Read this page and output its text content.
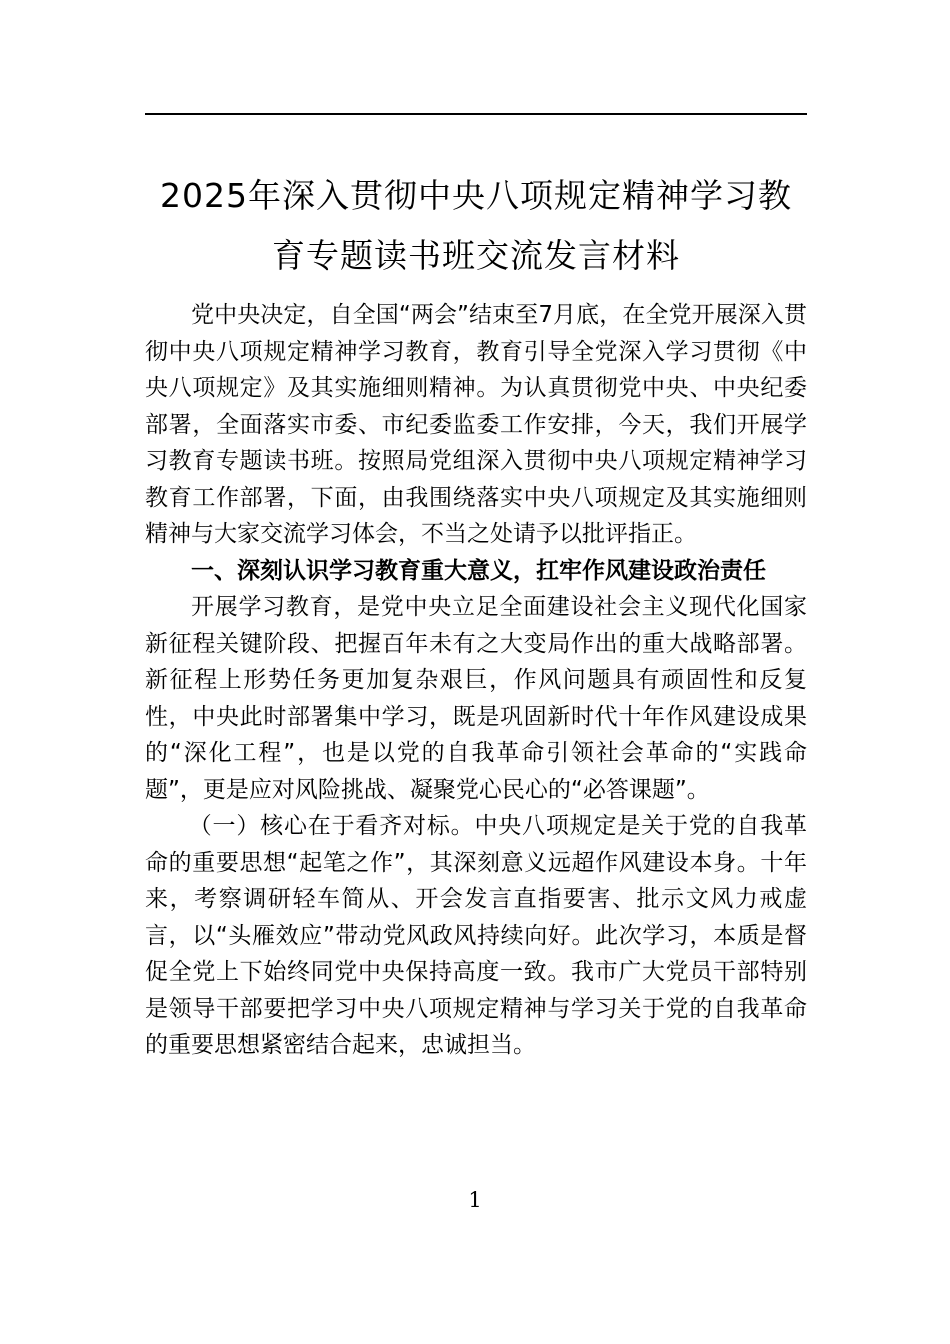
2025年深入贯彻中央八项规定精神学习教
育专题读书班交流发言材料

党中央决定，自全国“两会”结束至7月底，在全党开展深入贯彻中央八项规定精神学习教育，教育引导全党深入学习贯彻《中央八项规定》及其实施细则精神。为认真贯彻党中央、中央纪委部署，全面落实市委、市纪委监委工作安排，今天，我们开展学习教育专题读书班。按照局党组深入贯彻中央八项规定精神学习教育工作部署，下面，由我围绕落实中央八项规定及其实施细则精神与大家交流学习体会，不当之处请予以批评指正。

一、深刻认识学习教育重大意义，扛牢作风建设政治责任

开展学习教育，是党中央立足全面建设社会主义现代化国家新征程关键阶段、把握百年未有之大变局作出的重大战略部署。新征程上形势任务更加复杂艰巨，作风问题具有顽固性和反复性，中央此时部署集中学习，既是巩固新时代十年作风建设成果的“深化工程”，也是以党的自我革命引领社会革命的“实践命题”，更是应对风险挑战、凝聚党心民心的“必答课题”。

（一）核心在于看齐对标。中央八项规定是关于党的自我革命的重要思想“起笔之作”，其深刻意义远超作风建设本身。十年来，考察调研轻车简从、开会发言直指要害、批示文风力戒虚言，以“头雁效应”带动党风政风持续向好。此次学习，本质是督促全党上下始终同党中央保持高度一致。我市广大党员干部特别是领导干部要把学习中央八项规定精神与学习关于党的自我革命的重要思想紧密结合起来，忠诚担当。

1
